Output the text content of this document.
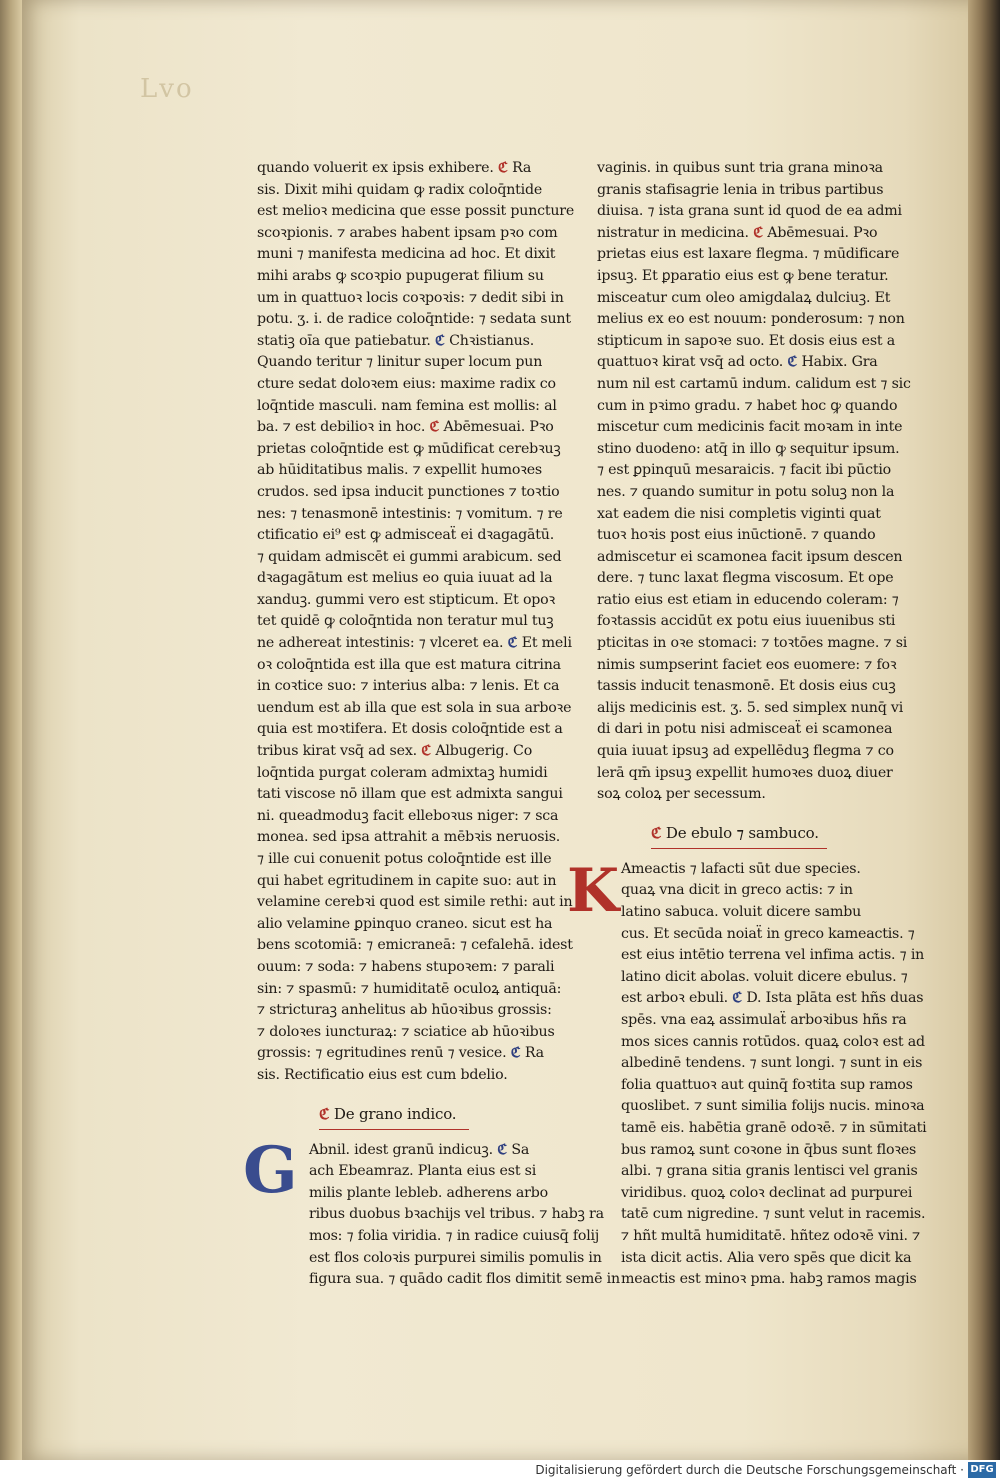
Lvo
quando voluerit ex ipsis exhibere. ℭ Ra
sis. Dixit mihi quidam ꝙ radix coloq̄ntide
est melioꝛ medicina que esse possit puncture
scoꝛpionis. ⁊ arabes habent ipsam pꝛo com
muni ⁊ manifesta medicina ad hoc. Et dixit
mihi arabs ꝙ scoꝛpio pupugerat filium su
um in quattuoꝛ locis coꝛpoꝛis: ⁊ dedit sibi in
potu. ʒ. i. de radice coloq̄ntide: ⁊ sedata sunt
statiꝫ oı̄a que patiebatur. ℭ Chꝛistianus.
Quando teritur ⁊ linitur super locum pun
cture sedat doloꝛem eius: maxime radix co
loq̄ntide masculi. nam femina est mollis: al
ba. ⁊ est debilioꝛ in hoc. ℭ Abēmesuai. Pꝛo
prietas coloq̄ntide est ꝙ mūdificat cerebꝛuꝫ
ab hūiditatibus malis. ⁊ expellit humoꝛes
crudos. sed ipsa inducit punctiones ⁊ toꝛtio
nes: ⁊ tenasmonē intestinis: ⁊ vomitum. ⁊ re
ctificatio ei⁹ est ꝙ admisceaẗ ei dꝛagagātū.
⁊ quidam admiscēt ei gummi arabicum. sed
dꝛagagātum est melius eo quia iuuat ad la
xanduꝫ. gummi vero est stipticum. Et opoꝛ
tet quidē ꝙ coloq̄ntida non teratur mul tuꝫ
ne adhereat intestinis: ⁊ vlceret ea. ℭ Et meli
oꝛ coloq̄ntida est illa que est matura citrina
in coꝛtice suo: ⁊ interius alba: ⁊ lenis. Et ca
uendum est ab illa que est sola in sua arboꝛe
quia est moꝛtifera. Et dosis coloq̄ntide est a
tribus kirat vsq̄ ad sex. ℭ Albugerig. Co
loq̄ntida purgat coleram admixtaꝫ humidi
tati viscose nō illam que est admixta sangui
ni. queadmoduꝫ facit elleboꝛus niger: ⁊ sca
monea. sed ipsa attrahit a mēbꝛis neruosis.
⁊ ille cui conuenit potus coloq̄ntide est ille
qui habet egritudinem in capite suo: aut in
velamine cerebꝛi quod est simile rethi: aut in
alio velamine ꝑpinquo craneo. sicut est ha
bens scotomiā: ⁊ emicraneā: ⁊ cefalehā. idest
ouum: ⁊ soda: ⁊ habens stupoꝛem: ⁊ parali
sin: ⁊ spasmū: ⁊ humiditatē oculoꝝ antiquā:
⁊ stricturaꝫ anhelitus ab hūoꝛibus grossis:
⁊ doloꝛes iuncturaꝝ: ⁊ sciatice ab hūoꝛibus
grossis: ⁊ egritudines renū ⁊ vesice. ℭ Ra
sis. Rectificatio eius est cum bdelio.
ℭ De grano indico.
G Abnil. idest granū indicuꝫ. ℭ Sa
ach Ebeamraz. Planta eius est si
milis plante lebleb. adherens arbo
ribus duobus bꝛachijs vel tribus. ⁊ habꝫ ra
mos: ⁊ folia viridia. ⁊ in radice cuiusq̄ folij
est flos coloꝛis purpurei similis pomulis in
figura sua. ⁊ quādo cadit flos dimitit semē in
vaginis. in quibus sunt tria grana minoꝛa
granis stafisagrie lenia in tribus partibus
diuisa. ⁊ ista grana sunt id quod de ea admi
nistratur in medicina. ℭ Abēmesuai. Pꝛo
prietas eius est laxare flegma. ⁊ mūdificare
ipsuꝫ. Et ꝑparatio eius est ꝙ bene teratur.
misceatur cum oleo amigdalaꝝ dulciuꝫ. Et
melius ex eo est nouum: ponderosum: ⁊ non
stipticum in sapoꝛe suo. Et dosis eius est a
quattuoꝛ kirat vsq̄ ad octo. ℭ Habix. Gra
num nil est cartamū indum. calidum est ⁊ sic
cum in pꝛimo gradu. ⁊ habet hoc ꝙ quando
miscetur cum medicinis facit moꝛam in inte
stino duodeno: atq̄ in illo ꝙ sequitur ipsum.
⁊ est ꝑpinquū mesaraicis. ⁊ facit ibi pūctio
nes. ⁊ quando sumitur in potu soluꝫ non la
xat eadem die nisi completis viginti quat
tuoꝛ hoꝛis post eius inūctionē. ⁊ quando
admiscetur ei scamonea facit ipsum descen
dere. ⁊ tunc laxat flegma viscosum. Et ope
ratio eius est etiam in educendo coleram: ⁊
foꝛtassis accidūt ex potu eius iuuenibus sti
pticitas in oꝛe stomaci: ⁊ toꝛtōes magne. ⁊ si
nimis sumpserint faciet eos euomere: ⁊ foꝛ
tassis inducit tenasmonē. Et dosis eius cuꝫ
alijs medicinis est. ʒ. 5. sed simplex nunq̄ vi
di dari in potu nisi admisceaẗ ei scamonea
quia iuuat ipsuꝫ ad expellēduꝫ flegma ⁊ co
lerā qm̄ ipsuꝫ expellit humoꝛes duoꝝ diuer
soꝝ coloꝝ per secessum.
ℭ De ebulo ⁊ sambuco.
K Ameactis ⁊ lafacti sūt due species.
quaꝝ vna dicit in greco actis: ⁊ in
latino sabuca. voluit dicere sambu
cus. Et secūda noiaẗ in greco kameactis. ⁊
est eius intētio terrena vel infima actis. ⁊ in
latino dicit abolas. voluit dicere ebulus. ⁊
est arboꝛ ebuli. ℭ D. Ista plāta est hñs duas
spēs. vna eaꝝ assimulaẗ arboꝛibus hñs ra
mos sices cannis rotūdos. quaꝝ coloꝛ est ad
albedinē tendens. ⁊ sunt longi. ⁊ sunt in eis
folia quattuoꝛ aut quinq̄ foꝛtita sup ramos
quoslibet. ⁊ sunt similia folijs nucis. minoꝛa
tamē eis. habētia granē odoꝛē. ⁊ in sūmitati
bus ramoꝝ sunt coꝛone in q̄bus sunt floꝛes
albi. ⁊ grana sitia granis lentisci vel granis
viridibus. quoꝝ coloꝛ declinat ad purpurei
tatē cum nigredine. ⁊ sunt velut in racemis.
⁊ hñt multā humiditatē. hñtez odoꝛē vini. ⁊
ista dicit actis. Alia vero spēs que dicit ka
meactis est minoꝛ pma. habꝫ ramos magis
Digitalisierung gefördert durch die Deutsche Forschungsgemeinschaft · DFG
